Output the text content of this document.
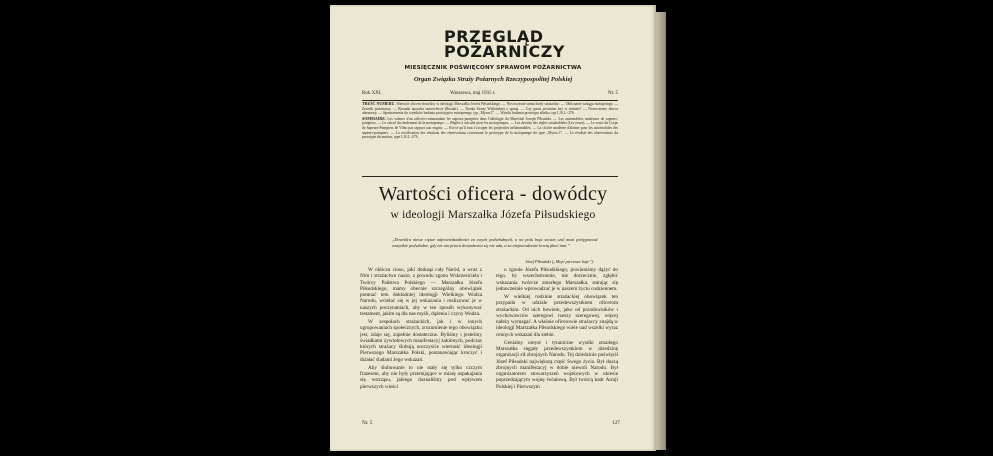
PRZEGLĄD
POŻARNICZY
MIESIĘCZNIK POŚWIĘCONY SPRAWOM POŻARNICTWA
Organ Związku Straży Pożarnych Rzeczypospolitej Polskiej
Rok XXI.	Warszawa, maj 1935 r.	Nr. 5

TREŚĆ NUMERU. Wartości oficera-dowódcy w ideologji Marszałka Józefa Piłsudskiego. — Nowoczesne samochody strażackie. — Oblicaanie zasięgu motopompy. — Zewnik pożarniczy. — Rysunki sposobu samowlecze (Rusaki). — Troska Straży Wiślańskiej o sprzęt. — Czy garaż powinien być w remizie? — Nowoczesny dawca alarmowy. — Spostrzeżenia do wyników badania prototypów motopompy, typ „Myrus I”. — Wyniki badania prototypu silnika, typ L.R.L.-276.

SOMMAIRE. Les valeurs d'un officier-commandant les sapeurs-pompiers dans l'idéologie du Maréchal Joseph Piłsudski. — Les automobiles modernes de sapeurs-pompiers. — Le calcul du rendement de la motopompe. — Règles à calculer pour les motopompes. — Les dessins des règles strachablehs (Les roues). — Le souci du Corps de Sapeurs-Pompiers de Vilno par rapport aux engins. — Est-ce qu'il faut s'occuper les projectiles inflammables. — La cloche moderne d'alarme pour les automobiles des sapeurs-pompiers. — La rectification des résultats des observations concernant le prototype de la motopompe du type „Myrus I”. — Le résultat des observations du prototype du moteur, type L.R.L.-276.

Wartości oficera - dowódcy
w ideologji Marszałka Józefa Piłsudskiego
„Dowódca niesie ciężar odpowiedzialności za swych podwładnych, a na polu boju swoim czul musi pielęgnować wszystkie podwładne, gdy nie ma prawa dowodzenia się nie uda, a za niepowodzenie krwią płaci inni.”
Józef Piłsudski („Moje pierwsze boje”).

W obliczu ciosu, jaki dotknął cały Naród, a wraz z Nim i strażactwo nasze, z powodu zgonu Wskrzesiciela i Twórcy Państwa Polskiego — Marszałka Józefa Piłsudskiego, mamy obecnie szczególny obowiązek pomnać tem dokładniej ideologji Wielkiego Wodza Narodu, wcielać się w jej wskazania i realizować je w naszych poczynaniach, aby w ten sposób wykonywać testament, jakim są dla nas myśli, dążenia i czyny Wodza.

W zespołach strażackich, jak i w innych ugrupowaniach społecznych, zrozumienie tego obowiązku jest, zdaje się, zupełnie dostateczne. Byliśmy i jesteśmy świadkami żywiołowych manifestacyj żałobnych, podczas których strażacy ślubują uroczyście wierność ideologji Pierwszego Marszałka Polski, postanawiając kroczyć i działać śladami Jego wskazań.

Aby ślubowanie to nie stały się tylko czczym frazesem, aby nie były przemijające w miarę uspakajania się wstrząsu, jakiego doznaliśmy pod wpływem pierwszych wieści

o zgonie Józefa Piłsudskiego, powinniśmy dążyć do tego, by wszechstronnie, nie dorzecznie, zgłębić wskazania twórcze zmarłego Marszałka, starając się jednocześnie wprowadzać je w naszem życiu codziennem.

W wielkiej rodzinie strażackiej obowiązek ten przypada w udziale przedewszystkiem oficerom strażackim. Od nich bowiem, jako od przodowników i wychowawców szeregowi rzeszy szeregowej, więcej należy wymagać. A właśnie oficerowie strażaccy znajdą w ideologji Marszałka Piłsudskiego wiele nad wszelki wyraz cennych wskazań dla siebie.

Genialny umysł i tytaniczne wysiłki zmarłego Marszałka sięgały przedewszystkiem w dziedzinę organizacji sił zbrojnych Narodu. Tej dziedzinie poświęcił Józef Piłsudski największą część Swego życia. Był duszą zbrojnych manifestacyj w dobie niewoli Narodu. Był organizatorem stowarzyszeń wojskowych w okresie poprzedzającym wojnę światową. Był twórcą kadr Armji Polskiej i Pierwszym

Nr. 5	127
